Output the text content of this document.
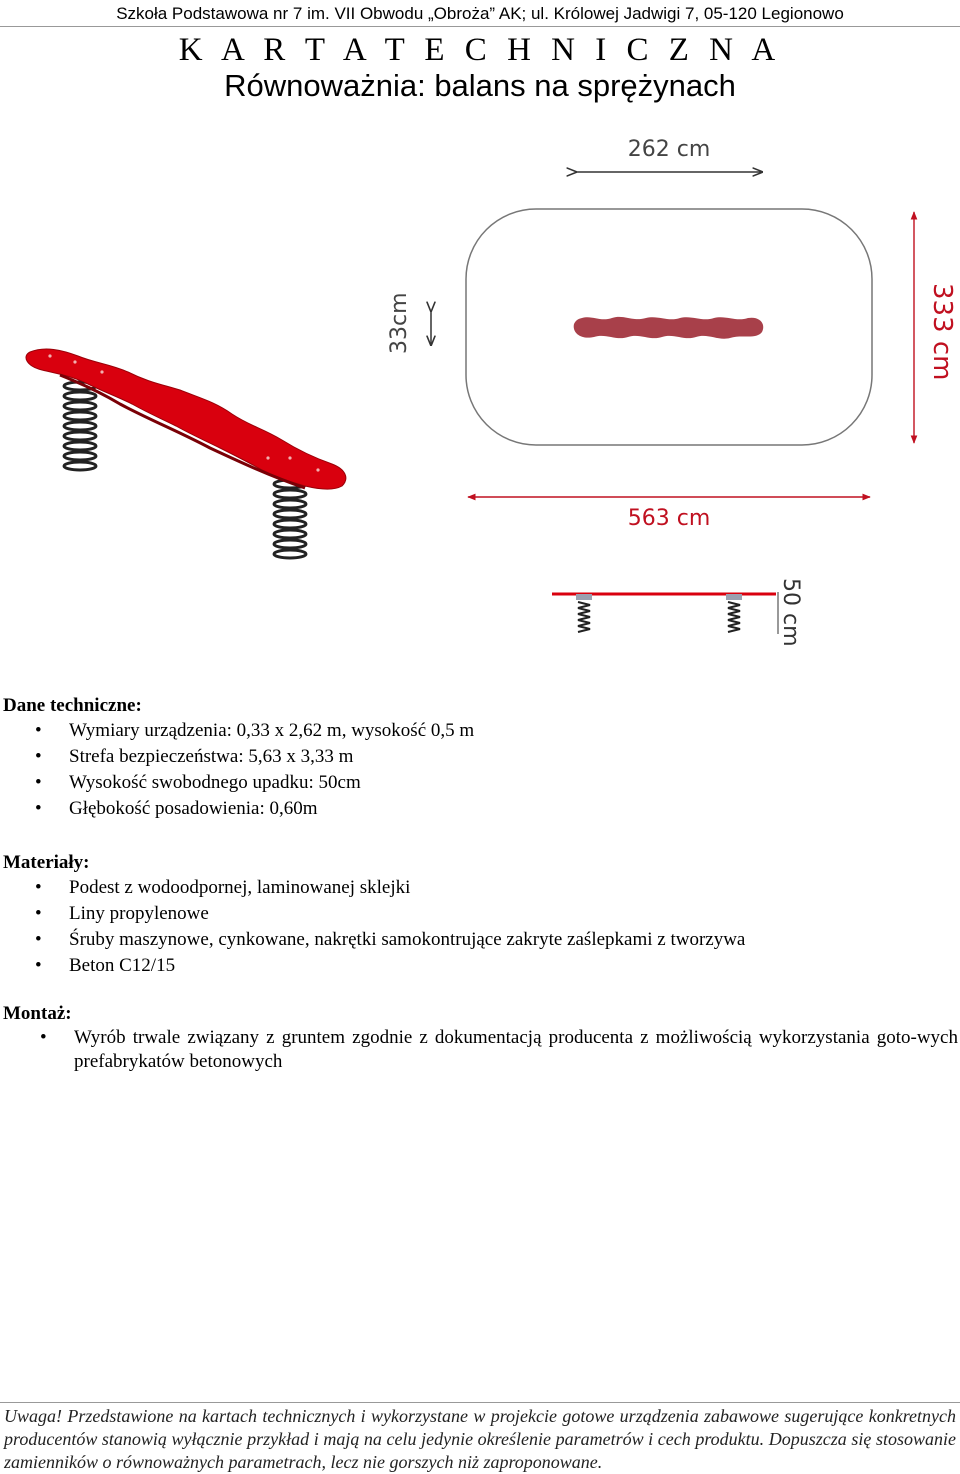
Szkoła Podstawowa nr 7 im. VII Obwodu „Obroża” AK; ul. Królowej Jadwigi 7, 05-120 Legionowo
K A R T A T E C H N I C Z N A
Równoważnia: balans na sprężynach
33cm
262 cm
333 cm
563 cm
50 cm

Dane techniczne:

• Wymiary urządzenia: 0,33 x 2,62 m, wysokość 0,5 m
• Strefa bezpieczeństwa: 5,63 x 3,33 m
• Wysokość swobodnego upadku: 50cm
• Głębokość posadowienia: 0,60m

Materiały:

• Podest z wodoodpornej, laminowanej sklejki
• Liny propylenowe
• Śruby maszynowe, cynkowane, nakrętki samokontrujące zakryte zaślepkami z tworzywa
• Beton C12/15

Montaż:

• Wyrób trwale związany z gruntem zgodnie z dokumentacją producenta z możliwością wykorzystania goto-wych prefabrykatów betonowych

Uwaga! Przedstawione na kartach technicznych i wykorzystane w projekcie gotowe urządzenia zabawowe sugerujące konkretnych producentów stanowią wyłącznie przykład i mają na celu jedynie określenie parametrów i cech produktu. Dopuszcza się stosowanie zamienników o równoważnych parametrach, lecz nie gorszych niż zaproponowane.
